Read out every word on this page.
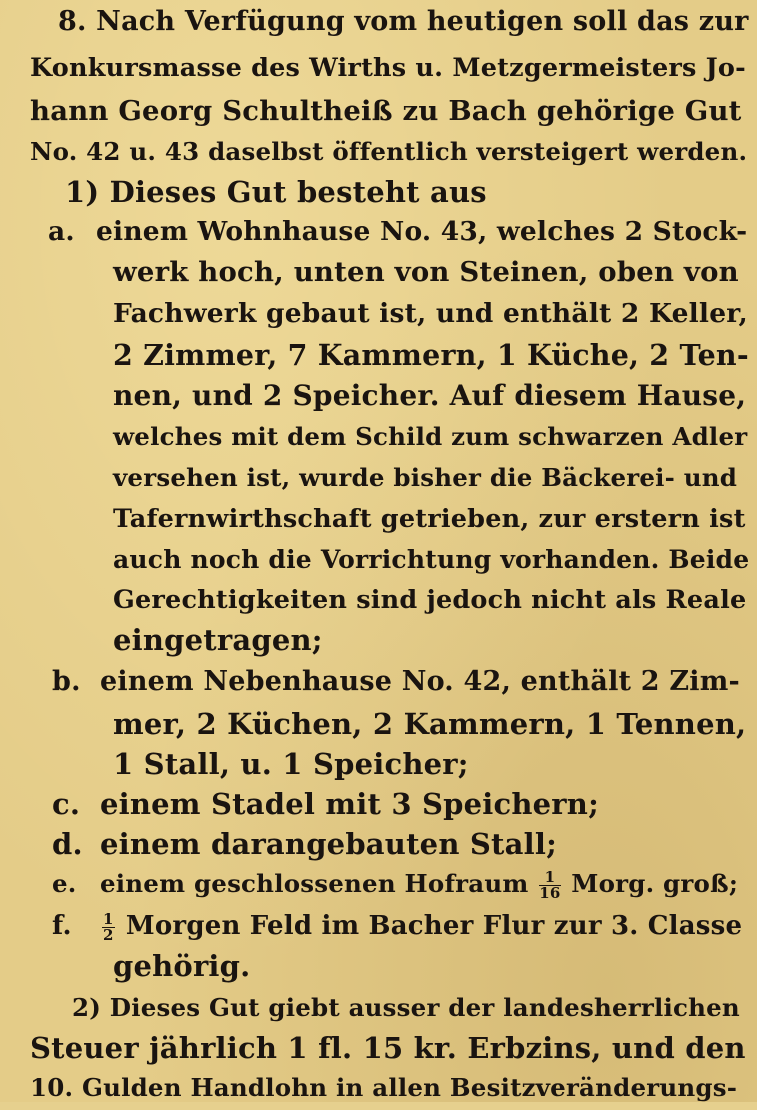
8. Nach Verfügung vom heutigen soll das zur
Konkursmasse des Wirths u. Metzgermeisters Jo-
hann Georg Schultheiß zu Bach gehörige Gut
No. 42 u. 43 daselbst öffentlich versteigert werden.
1) Dieses Gut besteht aus
a. einem Wohnhause No. 43, welches 2 Stock-
werk hoch, unten von Steinen, oben von
Fachwerk gebaut ist, und enthält 2 Keller,
2 Zimmer, 7 Kammern, 1 Küche, 2 Ten-
nen, und 2 Speicher. Auf diesem Hause,
welches mit dem Schild zum schwarzen Adler
versehen ist, wurde bisher die Bäckerei- und
Tafernwirthschaft getrieben, zur erstern ist
auch noch die Vorrichtung vorhanden. Beide
Gerechtigkeiten sind jedoch nicht als Reale
eingetragen;
b. einem Nebenhause No. 42, enthält 2 Zim-
mer, 2 Küchen, 2 Kammern, 1 Tennen,
1 Stall, u. 1 Speicher;
c. einem Stadel mit 3 Speichern;
d. einem darangebauten Stall;
e. einem geschlossenen Hofraum $\frac{1}{16}$ Morg. groß;
f. $\frac{1}{2}$ Morgen Feld im Bacher Flur zur 3. Classe
gehörig.
2) Dieses Gut giebt ausser der landesherrlichen
Steuer jährlich 1 fl. 15 kr. Erbzins, und den
10. Gulden Handlohn in allen Besitzveränderungs-
